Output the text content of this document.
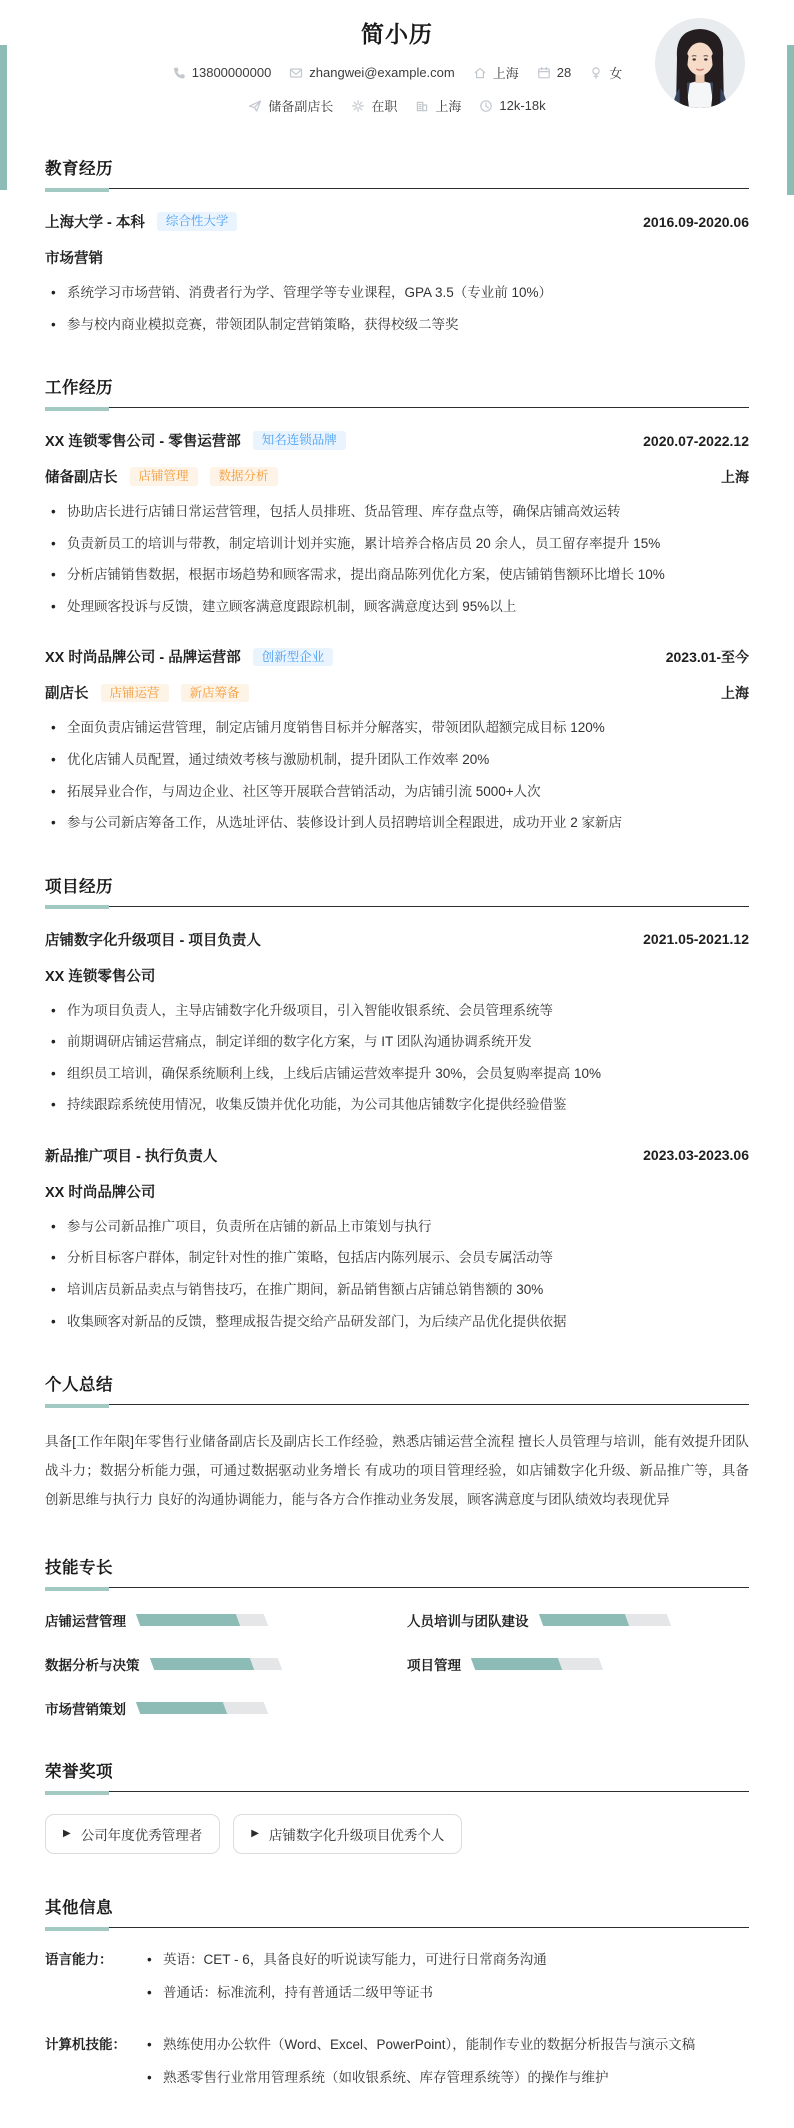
简小历
13800000000	zhangwei@example.com	上海	28	女
储备副店长	在职	上海	12k-18k
教育经历
上海大学 - 本科	综合性大学	2016.09-2020.06
市场营销
• 系统学习市场营销、消费者行为学、管理学等专业课程，GPA 3.5（专业前 10%）
• 参与校内商业模拟竞赛，带领团队制定营销策略，获得校级二等奖
工作经历
XX 连锁零售公司 - 零售运营部	知名连锁品牌	2020.07-2022.12
储备副店长	店铺管理	数据分析	上海
• 协助店长进行店铺日常运营管理，包括人员排班、货品管理、库存盘点等，确保店铺高效运转
• 负责新员工的培训与带教，制定培训计划并实施，累计培养合格店员 20 余人，员工留存率提升 15%
• 分析店铺销售数据，根据市场趋势和顾客需求，提出商品陈列优化方案，使店铺销售额环比增长 10%
• 处理顾客投诉与反馈，建立顾客满意度跟踪机制，顾客满意度达到 95%以上
XX 时尚品牌公司 - 品牌运营部	创新型企业	2023.01-至今
副店长	店铺运营	新店筹备	上海
• 全面负责店铺运营管理，制定店铺月度销售目标并分解落实，带领团队超额完成目标 120%
• 优化店铺人员配置，通过绩效考核与激励机制，提升团队工作效率 20%
• 拓展异业合作，与周边企业、社区等开展联合营销活动，为店铺引流 5000+人次
• 参与公司新店筹备工作，从选址评估、装修设计到人员招聘培训全程跟进，成功开业 2 家新店
项目经历
店铺数字化升级项目 - 项目负责人	2021.05-2021.12
XX 连锁零售公司
• 作为项目负责人，主导店铺数字化升级项目，引入智能收银系统、会员管理系统等
• 前期调研店铺运营痛点，制定详细的数字化方案，与 IT 团队沟通协调系统开发
• 组织员工培训，确保系统顺利上线，上线后店铺运营效率提升 30%，会员复购率提高 10%
• 持续跟踪系统使用情况，收集反馈并优化功能，为公司其他店铺数字化提供经验借鉴
新品推广项目 - 执行负责人	2023.03-2023.06
XX 时尚品牌公司
• 参与公司新品推广项目，负责所在店铺的新品上市策划与执行
• 分析目标客户群体，制定针对性的推广策略，包括店内陈列展示、会员专属活动等
• 培训店员新品卖点与销售技巧，在推广期间，新品销售额占店铺总销售额的 30%
• 收集顾客对新品的反馈，整理成报告提交给产品研发部门，为后续产品优化提供依据
个人总结

具备[工作年限]年零售行业储备副店长及副店长工作经验，熟悉店铺运营全流程 擅长人员管理与培训，能有效提升团队战斗力；数据分析能力强，可通过数据驱动业务增长 有成功的项目管理经验，如店铺数字化升级、新品推广等，具备创新思维与执行力 良好的沟通协调能力，能与各方合作推动业务发展，顾客满意度与团队绩效均表现优异

技能专长
店铺运营管理	人员培训与团队建设
数据分析与决策	项目管理
市场营销策划
荣誉奖项
▶ 公司年度优秀管理者	▶ 店铺数字化升级项目优秀个人
其他信息
语言能力：	• 英语：CET - 6，具备良好的听说读写能力，可进行日常商务沟通
• 普通话：标准流利，持有普通话二级甲等证书
计算机技能：	• 熟练使用办公软件（Word、Excel、PowerPoint），能制作专业的数据分析报告与演示文稿
• 熟悉零售行业常用管理系统（如收银系统、库存管理系统等）的操作与维护
